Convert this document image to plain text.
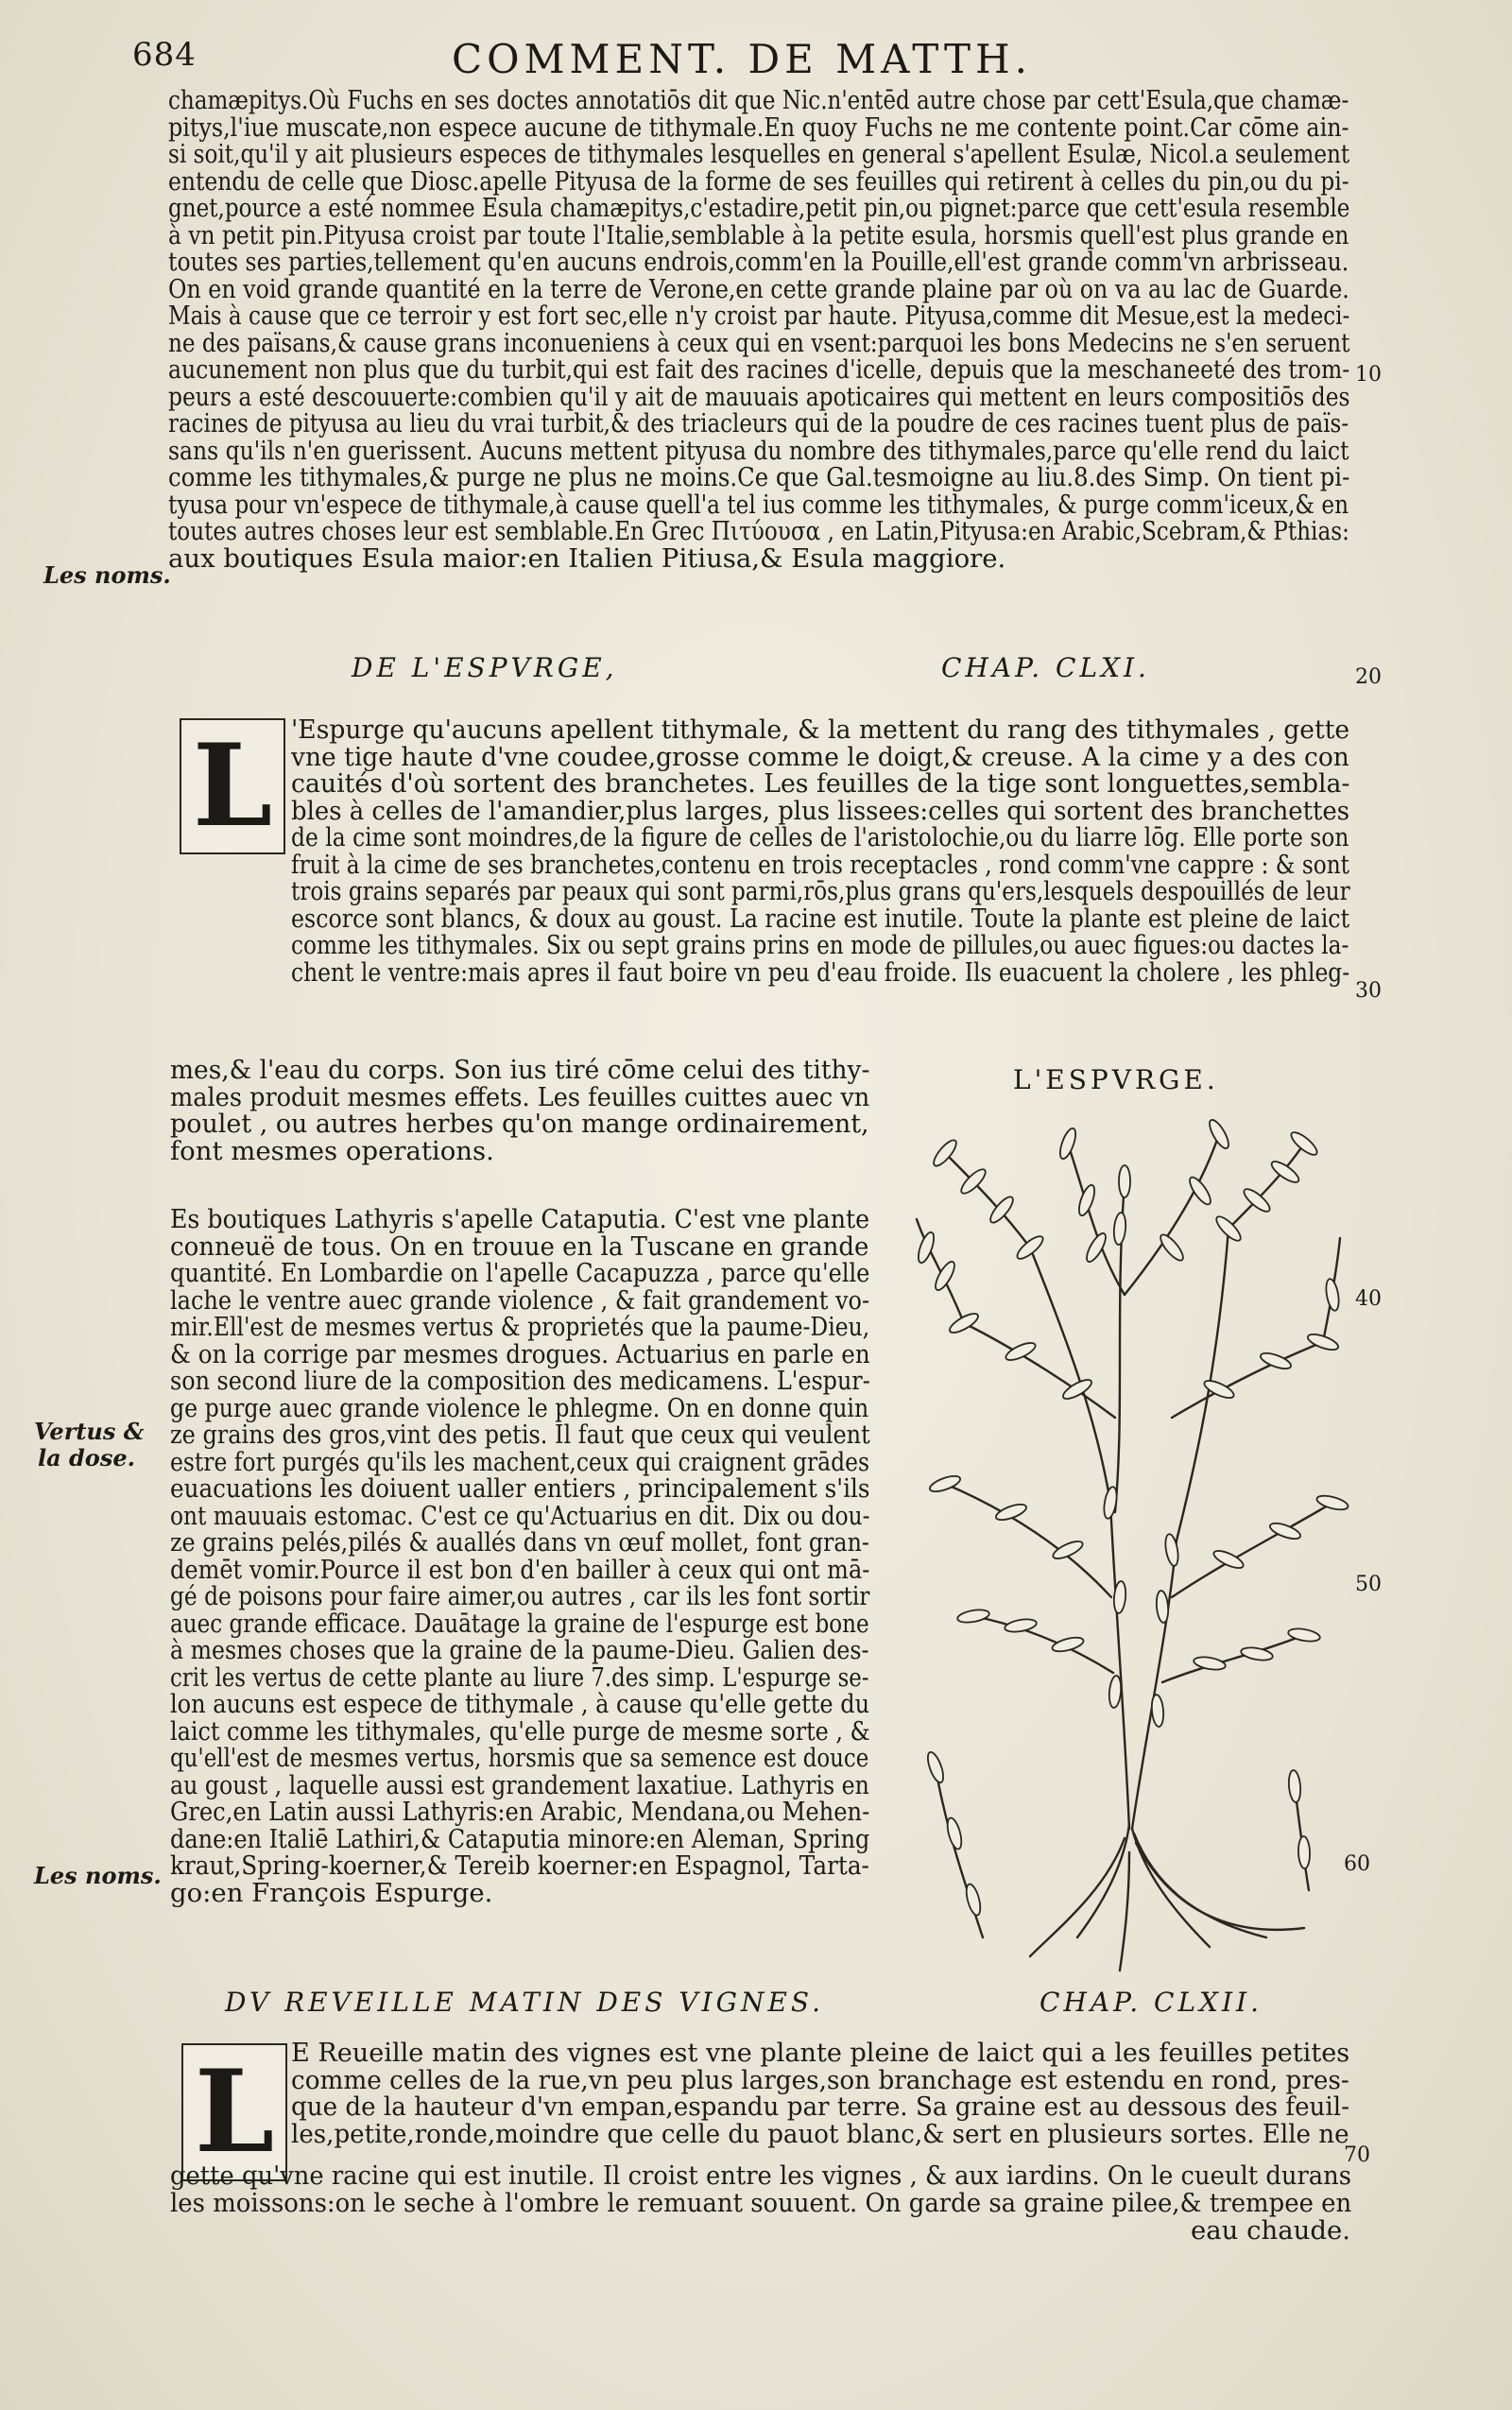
684	COMMENT. DE MATTH.
chamæpitys.Où Fuchs en ses doctes annotatiōs dit que Nic.n'entēd autre chose par cett'Esula,que chamæ-
pitys,l'iue muscate,non espece aucune de tithymale.En quoy Fuchs ne me contente point.Car cōme ain-
si soit,qu'il y ait plusieurs especes de tithymales lesquelles en general s'apellent Esulæ, Nicol.a seulement
entendu de celle que Diosc.apelle Pityusa de la forme de ses feuilles qui retirent à celles du pin,ou du pi-
gnet,pource a esté nommee Esula chamæpitys,c'estadire,petit pin,ou pignet:parce que cett'esula resemble
à vn petit pin.Pityusa croist par toute l'Italie,semblable à la petite esula, horsmis quell'est plus grande en
toutes ses parties,tellement qu'en aucuns endrois,comm'en la Pouille,ell'est grande comm'vn arbrisseau.
On en void grande quantité en la terre de Verone,en cette grande plaine par où on va au lac de Guarde.
Mais à cause que ce terroir y est fort sec,elle n'y croist par haute. Pityusa,comme dit Mesue,est la medeci-
ne des païsans,& cause grans inconueniens à ceux qui en vsent:parquoi les bons Medecins ne s'en seruent
aucunement non plus que du turbit,qui est fait des racines d'icelle, depuis que la meschaneeté des trom-
peurs a esté descouuerte:combien qu'il y ait de mauuais apoticaires qui mettent en leurs compositiōs des
racines de pityusa au lieu du vrai turbit,& des triacleurs qui de la poudre de ces racines tuent plus de païs-
sans qu'ils n'en guerissent. Aucuns mettent pityusa du nombre des tithymales,parce qu'elle rend du laict
comme les tithymales,& purge ne plus ne moins.Ce que Gal.tesmoigne au liu.8.des Simp. On tient pi-
tyusa pour vn'espece de tithymale,à cause quell'a tel ius comme les tithymales, & purge comm'iceux,& en
toutes autres choses leur est semblable.En Grec Πιτύουσα , en Latin,Pityusa:en Arabic,Scebram,& Pthias:
aux boutiques Esula maior:en Italien Pitiusa,& Esula maggiore.
Les noms.
Vertus &
la dose.
Les noms.
10
20
30
40
50
60
70
DE L'ESPVRGE,	CHAP. CLXI.
L 'Espurge qu'aucuns apellent tithymale, & la mettent du rang des tithymales , gette
vne tige haute d'vne coudee,grosse comme le doigt,& creuse. A la cime y a des con
cauités d'où sortent des branchetes. Les feuilles de la tige sont longuettes,sembla-
bles à celles de l'amandier,plus larges, plus lissees:celles qui sortent des branchettes
de la cime sont moindres,de la figure de celles de l'aristolochie,ou du liarre lōg. Elle porte son
fruit à la cime de ses branchetes,contenu en trois receptacles , rond comm'vne cappre : & sont
trois grains separés par peaux qui sont parmi,rōs,plus grans qu'ers,lesquels despouillés de leur
escorce sont blancs, & doux au goust. La racine est inutile. Toute la plante est pleine de laict
comme les tithymales. Six ou sept grains prins en mode de pillules,ou auec figues:ou dactes la-
chent le ventre:mais apres il faut boire vn peu d'eau froide. Ils euacuent la cholere , les phleg-
mes,& l'eau du corps. Son ius tiré cōme celui des tithy-
males produit mesmes effets. Les feuilles cuittes auec vn
poulet , ou autres herbes qu'on mange ordinairement,
font mesmes operations.
L'ESPVRGE.
Es boutiques Lathyris s'apelle Cataputia. C'est vne plante
conneuë de tous. On en trouue en la Tuscane en grande
quantité. En Lombardie on l'apelle Cacapuzza , parce qu'elle
lache le ventre auec grande violence , & fait grandement vo-
mir.Ell'est de mesmes vertus & proprietés que la paume-Dieu,
& on la corrige par mesmes drogues. Actuarius en parle en
son second liure de la composition des medicamens. L'espur-
ge purge auec grande violence le phlegme. On en donne quin
ze grains des gros,vint des petis. Il faut que ceux qui veulent
estre fort purgés qu'ils les machent,ceux qui craignent grādes
euacuations les doiuent ualler entiers , principalement s'ils
ont mauuais estomac. C'est ce qu'Actuarius en dit. Dix ou dou-
ze grains pelés,pilés & auallés dans vn œuf mollet, font gran-
demēt vomir.Pource il est bon d'en bailler à ceux qui ont mā-
gé de poisons pour faire aimer,ou autres , car ils les font sortir
auec grande efficace. Dauātage la graine de l'espurge est bone
à mesmes choses que la graine de la paume-Dieu. Galien des-
crit les vertus de cette plante au liure 7.des simp. L'espurge se-
lon aucuns est espece de tithymale , à cause qu'elle gette du
laict comme les tithymales, qu'elle purge de mesme sorte , &
qu'ell'est de mesmes vertus, horsmis que sa semence est douce
au goust , laquelle aussi est grandement laxatiue. Lathyris en
Grec,en Latin aussi Lathyris:en Arabic, Mendana,ou Mehen-
dane:en Italiē Lathiri,& Cataputia minore:en Aleman, Spring
kraut,Spring-koerner,& Tereib koerner:en Espagnol, Tarta-
go:en François Espurge.
DV REVEILLE MATIN DES VIGNES.	CHAP. CLXII.
L E Reueille matin des vignes est vne plante pleine de laict qui a les feuilles petites
comme celles de la rue,vn peu plus larges,son branchage est estendu en rond, pres-
que de la hauteur d'vn empan,espandu par terre. Sa graine est au dessous des feuil-
les,petite,ronde,moindre que celle du pauot blanc,& sert en plusieurs sortes. Elle ne
gette qu'vne racine qui est inutile. Il croist entre les vignes , & aux iardins. On le cueult durans
les moissons:on le seche à l'ombre le remuant souuent. On garde sa graine pilee,& trempee en
eau chaude.
